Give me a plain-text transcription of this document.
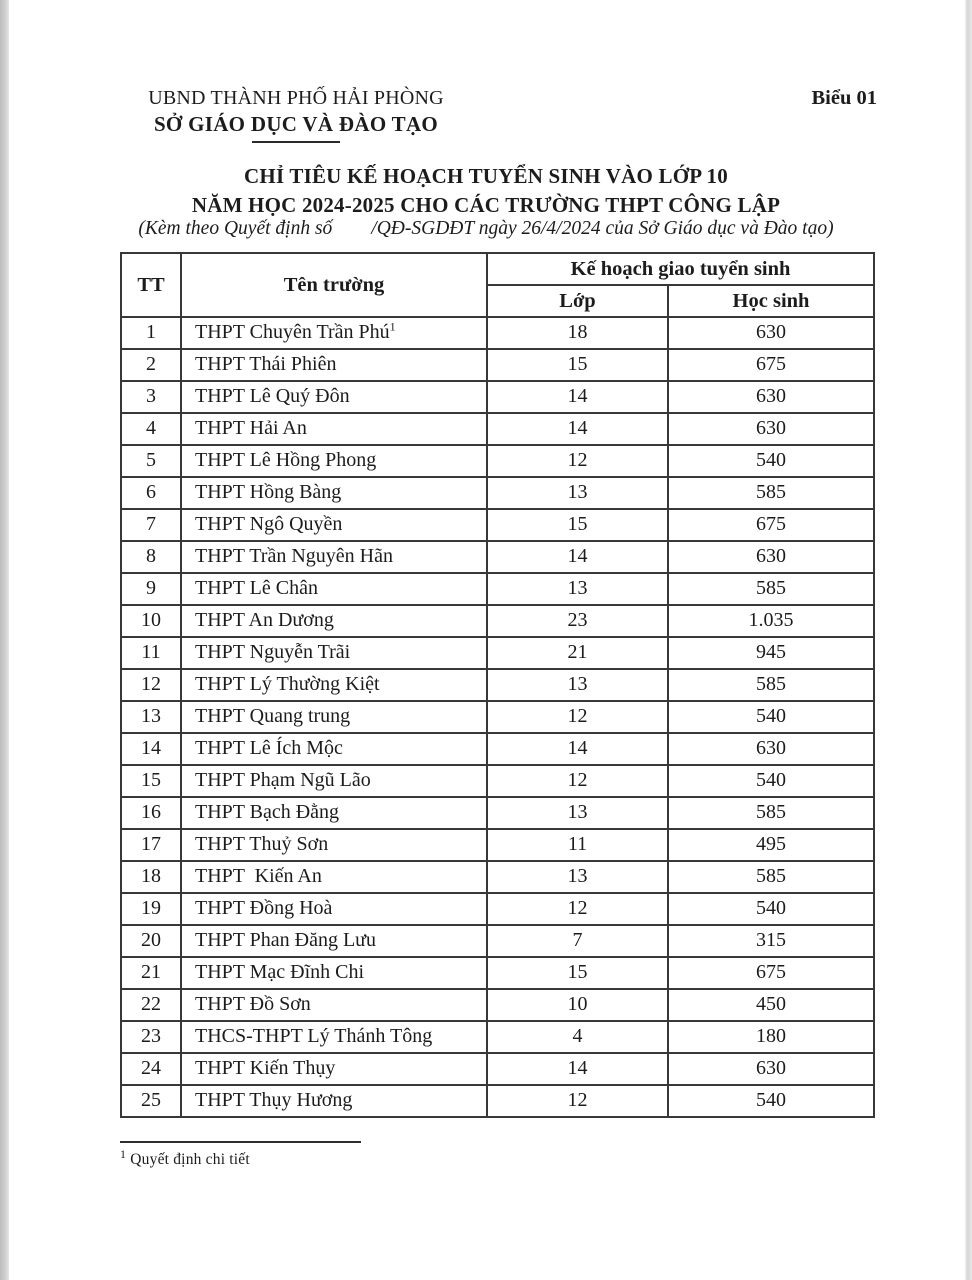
UBND THÀNH PHỐ HẢI PHÒNG
SỞ GIÁO DỤC VÀ ĐÀO TẠO
Biểu 01
CHỈ TIÊU KẾ HOẠCH TUYỂN SINH VÀO LỚP 10
NĂM HỌC 2024-2025 CHO CÁC TRƯỜNG THPT CÔNG LẬP
(Kèm theo Quyết định số        /QĐ-SGDĐT ngày 26/4/2024 của Sở Giáo dục và Đào tạo)
TT	Tên trường	Kế hoạch giao tuyển sinh	
		Lớp	Học sinh
1	THPT Chuyên Trần Phú$^1$	18	630
2	THPT Thái Phiên	15	675
3	THPT Lê Quý Đôn	14	630
4	THPT Hải An	14	630
5	THPT Lê Hồng Phong	12	540
6	THPT Hồng Bàng	13	585
7	THPT Ngô Quyền	15	675
8	THPT Trần Nguyên Hãn	14	630
9	THPT Lê Chân	13	585
10	THPT An Dương	23	1.035
11	THPT Nguyễn Trãi	21	945
12	THPT Lý Thường Kiệt	13	585
13	THPT Quang trung	12	540
14	THPT Lê Ích Mộc	14	630
15	THPT Phạm Ngũ Lão	12	540
16	THPT Bạch Đằng	13	585
17	THPT Thuỷ Sơn	11	495
18	THPT  Kiến An	13	585
19	THPT Đồng Hoà	12	540
20	THPT Phan Đăng Lưu	7	315
21	THPT Mạc Đĩnh Chi	15	675
22	THPT Đồ Sơn	10	450
23	THCS-THPT Lý Thánh Tông	4	180
24	THPT Kiến Thụy	14	630
25	THPT Thụy Hương	12	540
$^1$ Quyết định chi tiết
